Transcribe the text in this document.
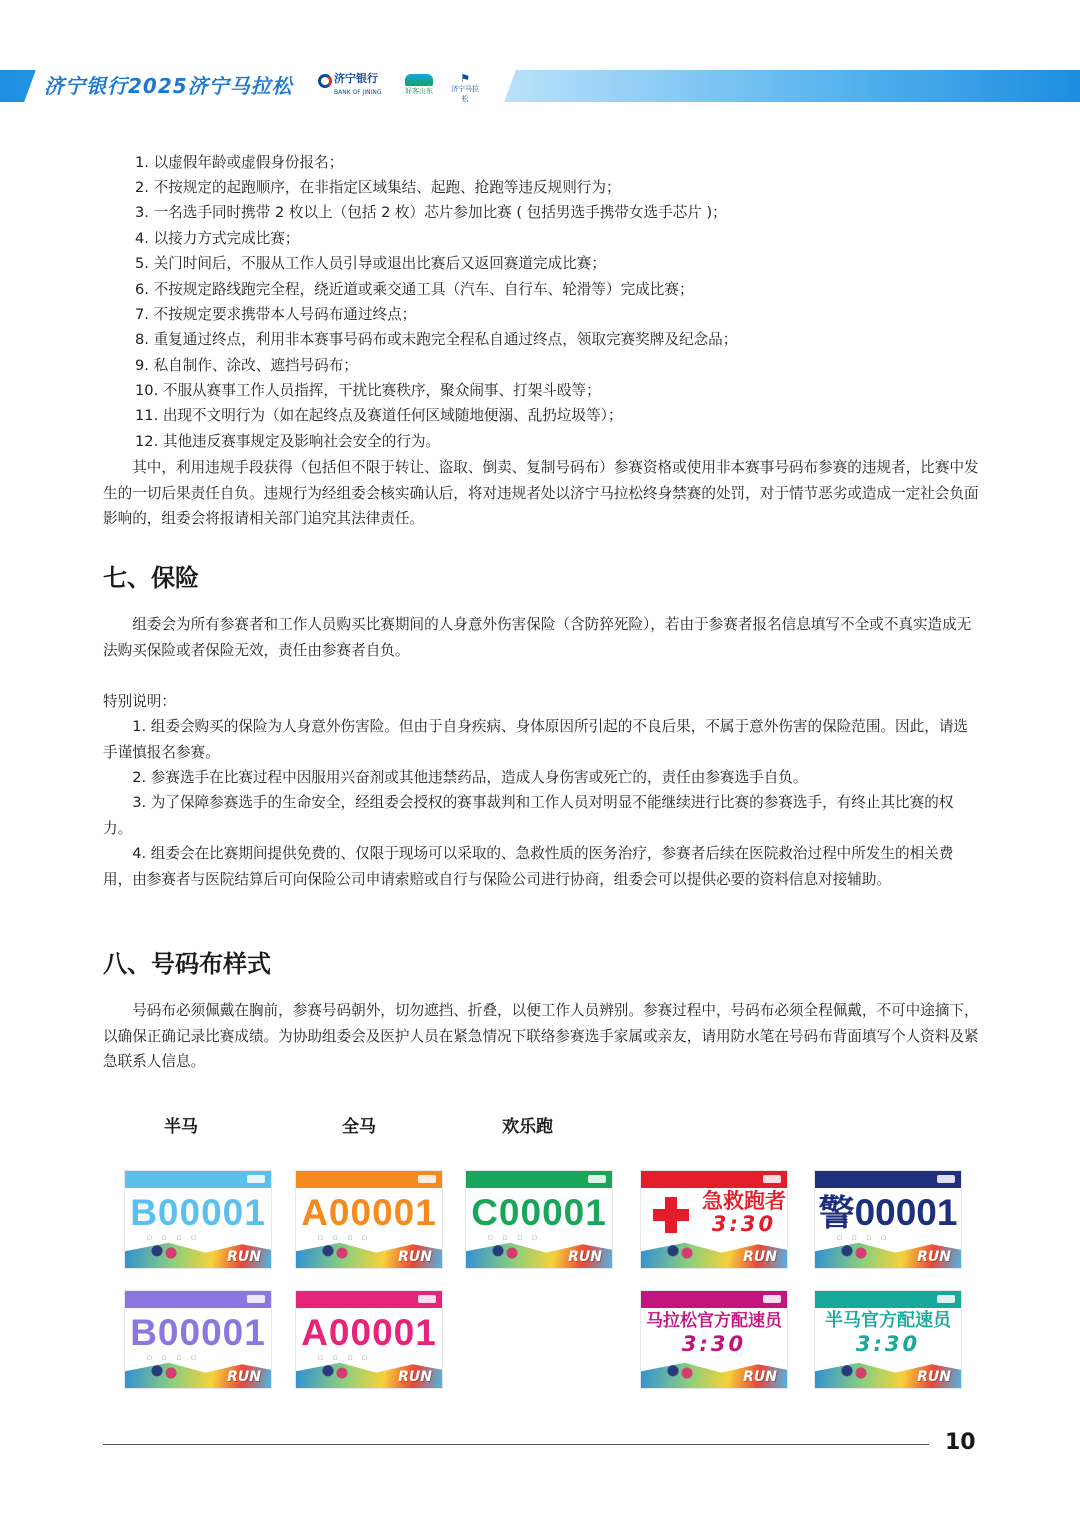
济宁银行2025济宁马拉松	济宁银行
BANK OF JINING	好客山东
⚑
济宁马拉松
1. 以虚假年龄或虚假身份报名；
2. 不按规定的起跑顺序，在非指定区域集结、起跑、抢跑等违反规则行为；
3. 一名选手同时携带 2 枚以上（包括 2 枚）芯片参加比赛 ( 包括男选手携带女选手芯片 )；
4. 以接力方式完成比赛；
5. 关门时间后，不服从工作人员引导或退出比赛后又返回赛道完成比赛；
6. 不按规定路线跑完全程，绕近道或乘交通工具（汽车、自行车、轮滑等）完成比赛；
7. 不按规定要求携带本人号码布通过终点；
8. 重复通过终点，利用非本赛事号码布或未跑完全程私自通过终点，领取完赛奖牌及纪念品；
9. 私自制作、涂改、遮挡号码布；
10. 不服从赛事工作人员指挥，干扰比赛秩序，聚众闹事、打架斗殴等；
11. 出现不文明行为（如在起终点及赛道任何区域随地便溺、乱扔垃圾等）；
12. 其他违反赛事规定及影响社会安全的行为。
　　其中，利用违规手段获得（包括但不限于转让、盗取、倒卖、复制号码布）参赛资格或使用非本赛事号码布参赛的违规者，比赛中发生的一切后果责任自负。违规行为经组委会核实确认后，将对违规者处以济宁马拉松终身禁赛的处罚，对于情节恶劣或造成一定社会负面影响的，组委会将报请相关部门追究其法律责任。
七、保险
　　组委会为所有参赛者和工作人员购买比赛期间的人身意外伤害保险（含防猝死险），若由于参赛者报名信息填写不全或不真实造成无法购买保险或者保险无效，责任由参赛者自负。
特别说明：
　　1. 组委会购买的保险为人身意外伤害险。但由于自身疾病、身体原因所引起的不良后果，不属于意外伤害的保险范围。因此，请选手谨慎报名参赛。
　　2. 参赛选手在比赛过程中因服用兴奋剂或其他违禁药品，造成人身伤害或死亡的，责任由参赛选手自负。
　　3. 为了保障参赛选手的生命安全，经组委会授权的赛事裁判和工作人员对明显不能继续进行比赛的参赛选手，有终止其比赛的权力。
　　4. 组委会在比赛期间提供免费的、仅限于现场可以采取的、急救性质的医务治疗，参赛者后续在医院救治过程中所发生的相关费用，由参赛者与医院结算后可向保险公司申请索赔或自行与保险公司进行协商，组委会可以提供必要的资料信息对接辅助。
八、号码布样式
　　号码布必须佩戴在胸前，参赛号码朝外，切勿遮挡、折叠，以便工作人员辨别。参赛过程中，号码布必须全程佩戴，不可中途摘下，以确保正确记录比赛成绩。为协助组委会及医护人员在紧急情况下联络参赛选手家属或亲友，请用防水笔在号码布背面填写个人资料及紧急联系人信息。
半马	全马	欢乐跑
B00001
□□□□
RUN
A00001
□□□□
RUN
C00001
□□□□
RUN
急救跑者
3:30
RUN
警00001
□□□□
RUN
B00001
□□□□
RUN
A00001
□□□□
RUN
马拉松官方配速员
3:30
RUN
半马官方配速员
3:30
RUN
10
